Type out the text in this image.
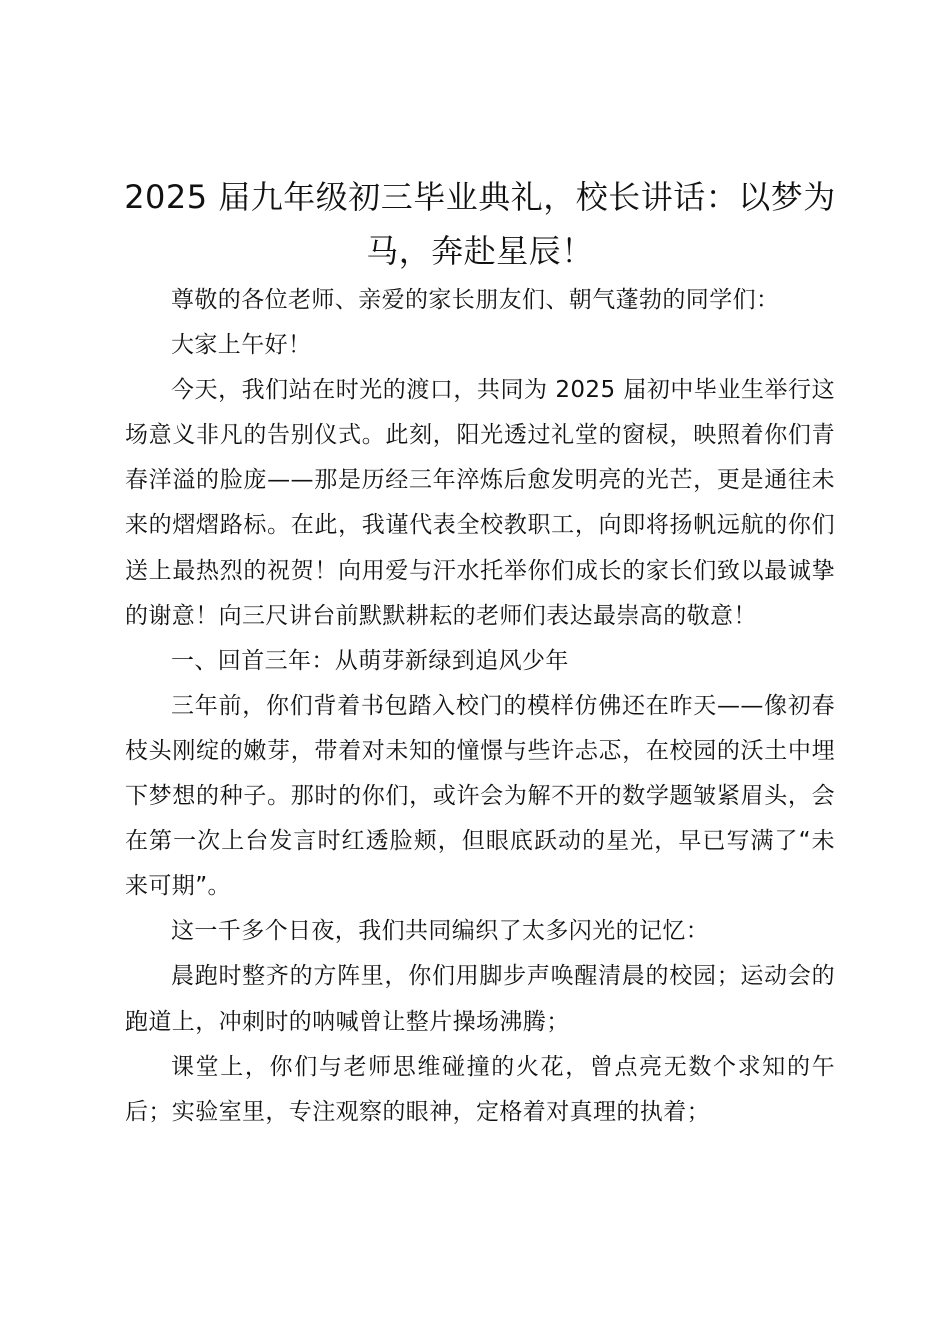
2025 届九年级初三毕业典礼，校长讲话：以梦为马，奔赴星辰！

尊敬的各位老师、亲爱的家长朋友们、朝气蓬勃的同学们：

大家上午好！

今天，我们站在时光的渡口，共同为 2025 届初中毕业生举行这场意义非凡的告别仪式。此刻，阳光透过礼堂的窗棂，映照着你们青春洋溢的脸庞——那是历经三年淬炼后愈发明亮的光芒，更是通往未来的熠熠路标。在此，我谨代表全校教职工，向即将扬帆远航的你们送上最热烈的祝贺！向用爱与汗水托举你们成长的家长们致以最诚挚的谢意！向三尺讲台前默默耕耘的老师们表达最崇高的敬意！

一、回首三年：从萌芽新绿到追风少年

三年前，你们背着书包踏入校门的模样仿佛还在昨天——像初春枝头刚绽的嫩芽，带着对未知的憧憬与些许忐忑，在校园的沃土中埋下梦想的种子。那时的你们，或许会为解不开的数学题皱紧眉头，会在第一次上台发言时红透脸颊，但眼底跃动的星光，早已写满了“未来可期”。

这一千多个日夜，我们共同编织了太多闪光的记忆：

晨跑时整齐的方阵里，你们用脚步声唤醒清晨的校园；运动会的跑道上，冲刺时的呐喊曾让整片操场沸腾；

课堂上，你们与老师思维碰撞的火花，曾点亮无数个求知的午后；实验室里，专注观察的眼神，定格着对真理的执着；
